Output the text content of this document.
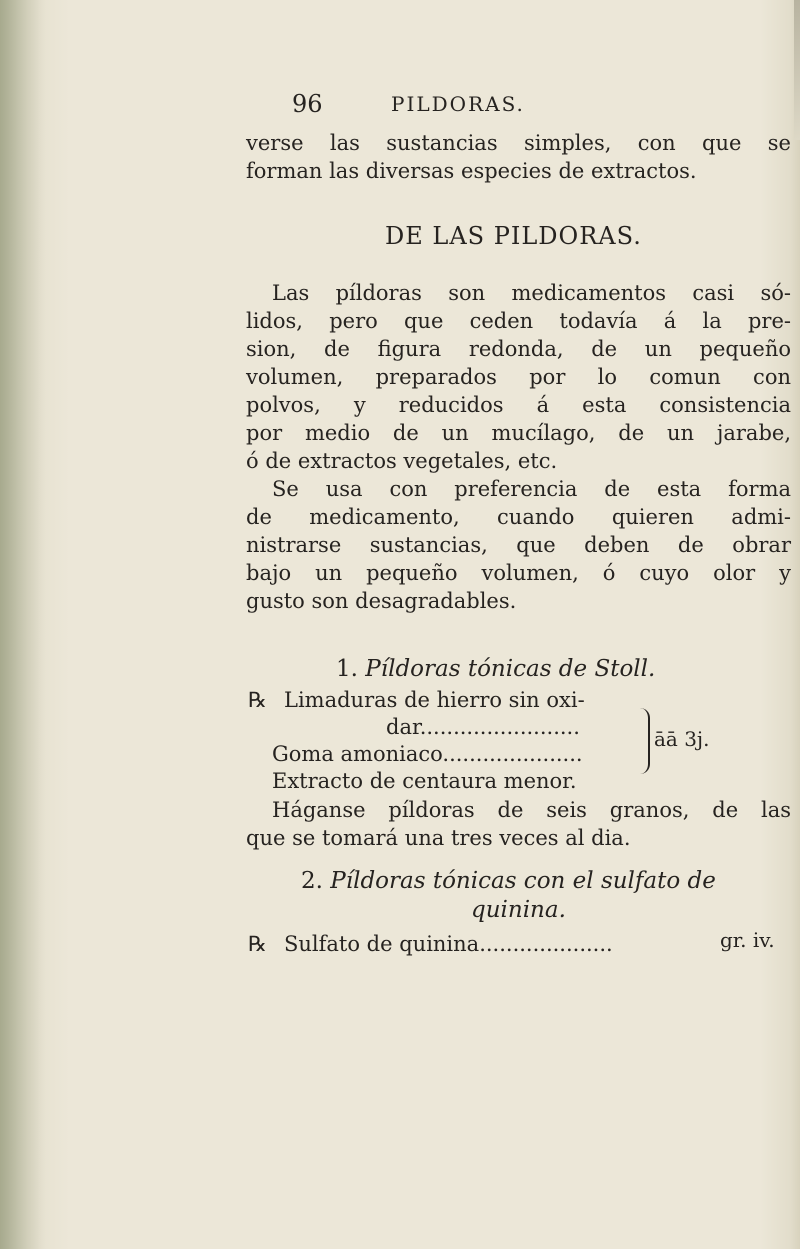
96	PILDORAS.
verse las sustancias simples, con que se
forman las diversas especies de extractos.
DE LAS PILDORAS.
Las píldoras son medicamentos casi só-
lidos, pero que ceden todavía á la pre-
sion, de figura redonda, de un pequeño
volumen, preparados por lo comun con
polvos, y reducidos á esta consistencia
por medio de un mucílago, de un jarabe,
ó de extractos vegetales, etc.
Se usa con preferencia de esta forma
de medicamento, cuando quieren admi-
nistrarse sustancias, que deben de obrar
bajo un pequeño volumen, ó cuyo olor y
gusto son desagradables.
1. Píldoras tónicas de Stoll.
℞ Limaduras de hierro sin oxi-
dar........................
Goma amoniaco.....................
Extracto de centaura menor.
āā 3j.
Háganse píldoras de seis granos, de las
que se tomará una tres veces al dia.
2. Píldoras tónicas con el sulfato de
quinina.
℞ Sulfato de quinina....................	gr. iv.
